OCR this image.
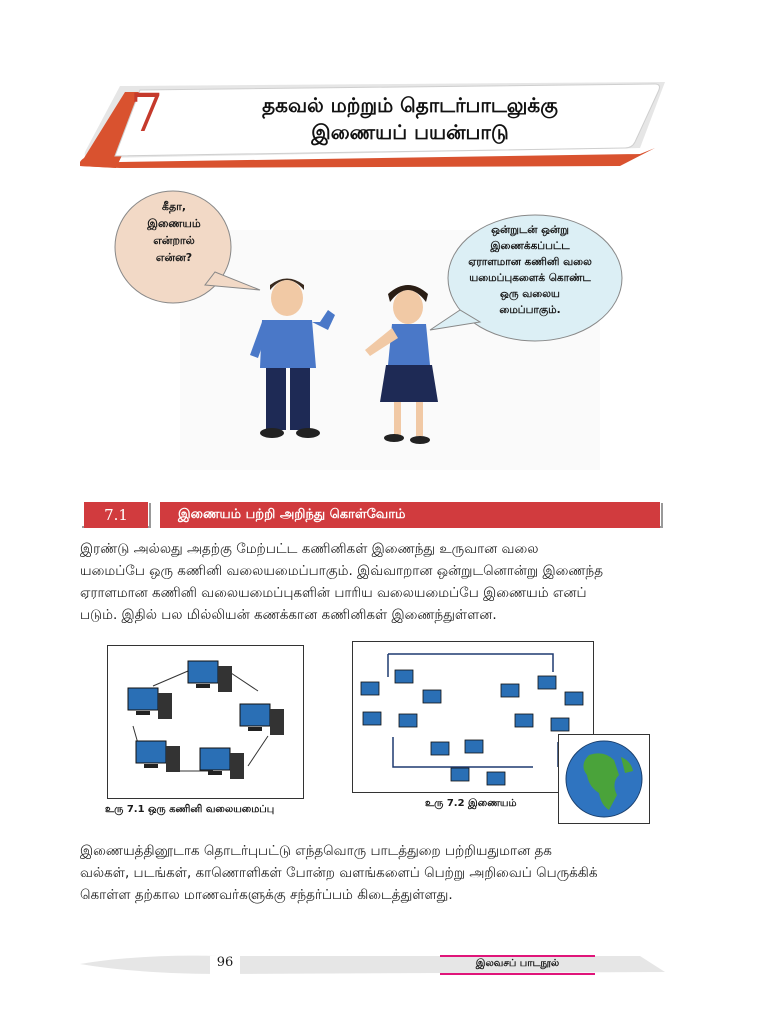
7	தகவல் மற்றும் தொடர்பாடலுக்கு
இணையப் பயன்பாடு
கீதா,
இணையம்
என்றால்
என்ன?
ஒன்றுடன் ஒன்று
இணைக்கப்பட்ட
ஏராளமான கணினி வலை
யமைப்புகளைக் கொண்ட
ஒரு வலைய
மைப்பாகும்.
7.1	இணையம் பற்றி அறிந்து கொள்வோம்
இரண்டு அல்லது அதற்கு மேற்பட்ட கணினிகள் இணைந்து உருவான வலை
யமைப்பே ஒரு கணினி வலையமைப்பாகும். இவ்வாறான ஒன்றுடனொன்று இணைந்த
ஏராளமான கணினி வலையமைப்புகளின் பாரிய வலையமைப்பே இணையம் எனப்
படும். இதில் பல மில்லியன் கணக்கான கணினிகள் இணைந்துள்ளன.
உரு 7.1 ஒரு கணினி வலையமைப்பு
உரு 7.2 இணையம்
இணையத்தினூடாக தொடர்புபட்டு எந்தவொரு பாடத்துறை பற்றியதுமான தக
வல்கள், படங்கள், காணொளிகள் போன்ற வளங்களைப் பெற்று அறிவைப் பெருக்கிக்
கொள்ள தற்கால மாணவர்களுக்கு சந்தர்ப்பம் கிடைத்துள்ளது.
96	இலவசப் பாடநூல்
